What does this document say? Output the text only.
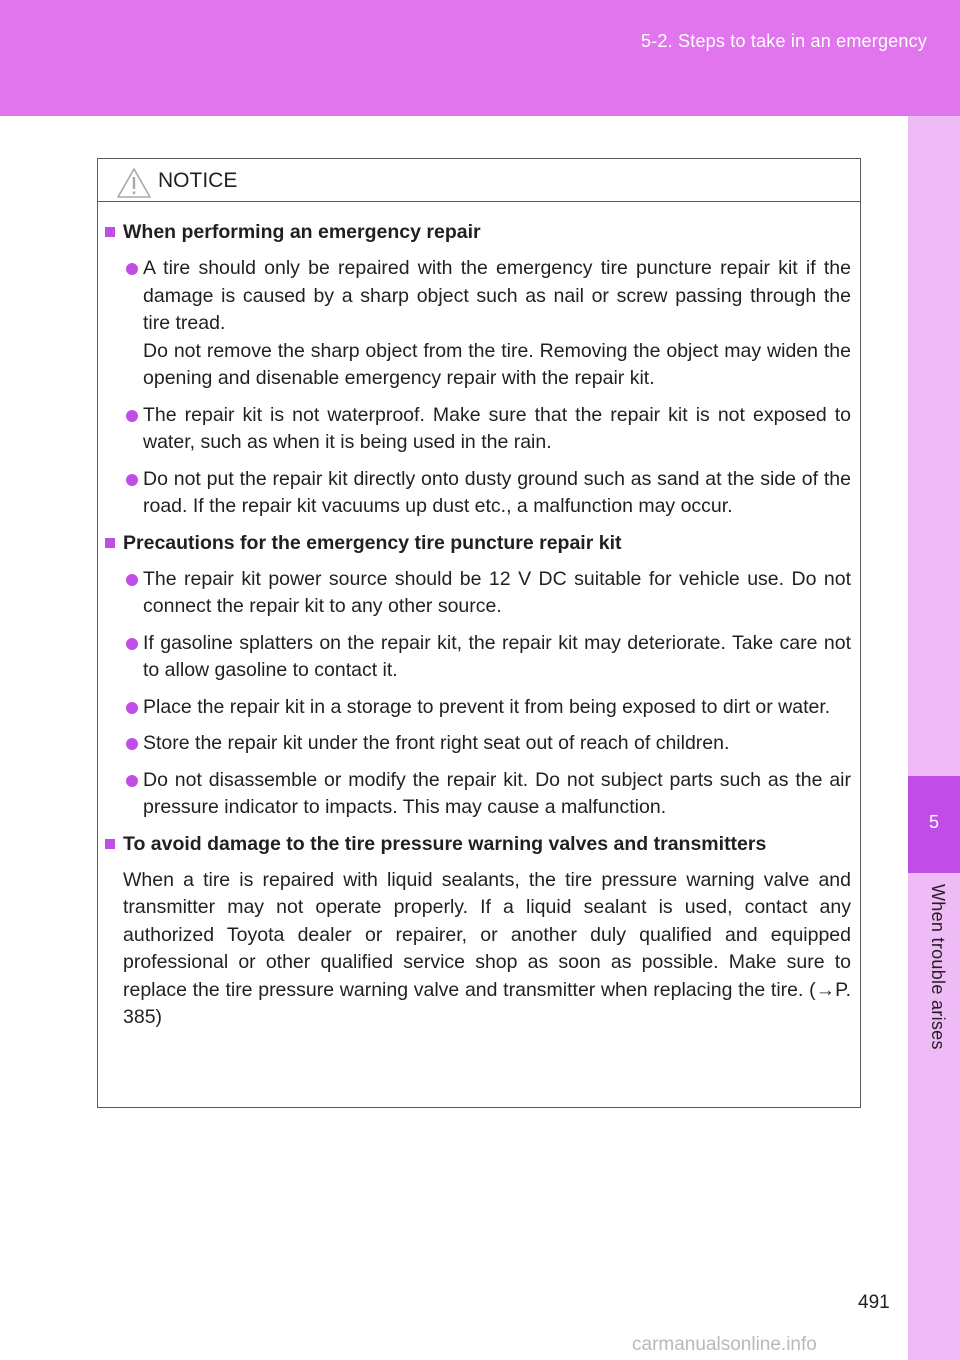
5-2. Steps to take in an emergency
5
When trouble arises
NOTICE
When performing an emergency repair
A tire should only be repaired with the emergency tire puncture repair kit if the damage is caused by a sharp object such as nail or screw passing through the tire tread.
Do not remove the sharp object from the tire. Removing the object may widen the opening and disenable emergency repair with the repair kit.
The repair kit is not waterproof. Make sure that the repair kit is not exposed to water, such as when it is being used in the rain.
Do not put the repair kit directly onto dusty ground such as sand at the side of the road. If the repair kit vacuums up dust etc., a malfunction may occur.
Precautions for the emergency tire puncture repair kit
The repair kit power source should be 12 V DC suitable for vehicle use. Do not connect the repair kit to any other source.
If gasoline splatters on the repair kit, the repair kit may deteriorate. Take care not to allow gasoline to contact it.
Place the repair kit in a storage to prevent it from being exposed to dirt or water.
Store the repair kit under the front right seat out of reach of children.
Do not disassemble or modify the repair kit. Do not subject parts such as the air pressure indicator to impacts. This may cause a malfunction.
To avoid damage to the tire pressure warning valves and transmitters

When a tire is repaired with liquid sealants, the tire pressure warning valve and transmitter may not operate properly. If a liquid sealant is used, contact any authorized Toyota dealer or repairer, or another duly qualified and equipped professional or other qualified service shop as soon as possible. Make sure to replace the tire pressure warning valve and transmitter when replacing the tire. (→P. 385)

491
carmanualsonline.info
